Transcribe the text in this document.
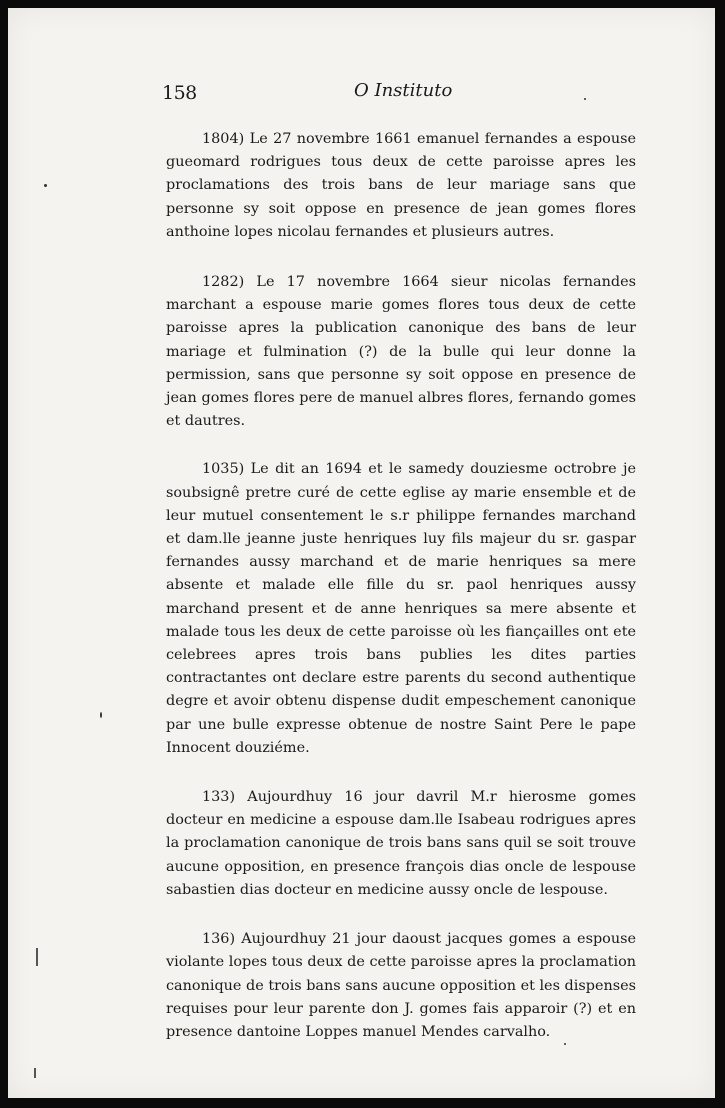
158	O Instituto

1804) Le 27 novembre 1661 emanuel fernandes a espouse gueomard rodrigues tous deux de cette paroisse apres les proclamations des trois bans de leur mariage sans que personne sy soit oppose en presence de jean gomes flores anthoine lopes nicolau fernandes et plusieurs autres.

1282) Le 17 novembre 1664 sieur nicolas fernandes marchant a espouse marie gomes flores tous deux de cette paroisse apres la publication canonique des bans de leur mariage et fulmination (?) de la bulle qui leur donne la permission, sans que personne sy soit oppose en presence de jean gomes flores pere de manuel albres flores, fernando gomes et dautres.

1035) Le dit an 1694 et le samedy douziesme octrobre je soubsignê pretre curé de cette eglise ay marie ensemble et de leur mutuel consentement le s.r philippe fernandes marchand et dam.lle jeanne juste henriques luy fils majeur du sr. gaspar fernandes aussy marchand et de marie henriques sa mere absente et malade elle fille du sr. paol henriques aussy marchand present et de anne henriques sa mere absente et malade tous les deux de cette paroisse où les fiançailles ont ete celebrees apres trois bans publies les dites parties contractantes ont declare estre parents du second authentique degre et avoir obtenu dispense dudit empeschement canonique par une bulle expresse obtenue de nostre Saint Pere le pape Innocent douziéme.

133) Aujourdhuy 16 jour davril M.r hierosme gomes docteur en medicine a espouse dam.lle Isabeau rodrigues apres la proclamation canonique de trois bans sans quil se soit trouve aucune opposition, en presence françois dias oncle de lespouse sabastien dias docteur en medicine aussy oncle de lespouse.

136) Aujourdhuy 21 jour daoust jacques gomes a espouse violante lopes tous deux de cette paroisse apres la proclamation canonique de trois bans sans aucune opposition et les dispenses requises pour leur parente don J. gomes fais apparoir (?) et en presence dantoine Loppes manuel Mendes carvalho.
